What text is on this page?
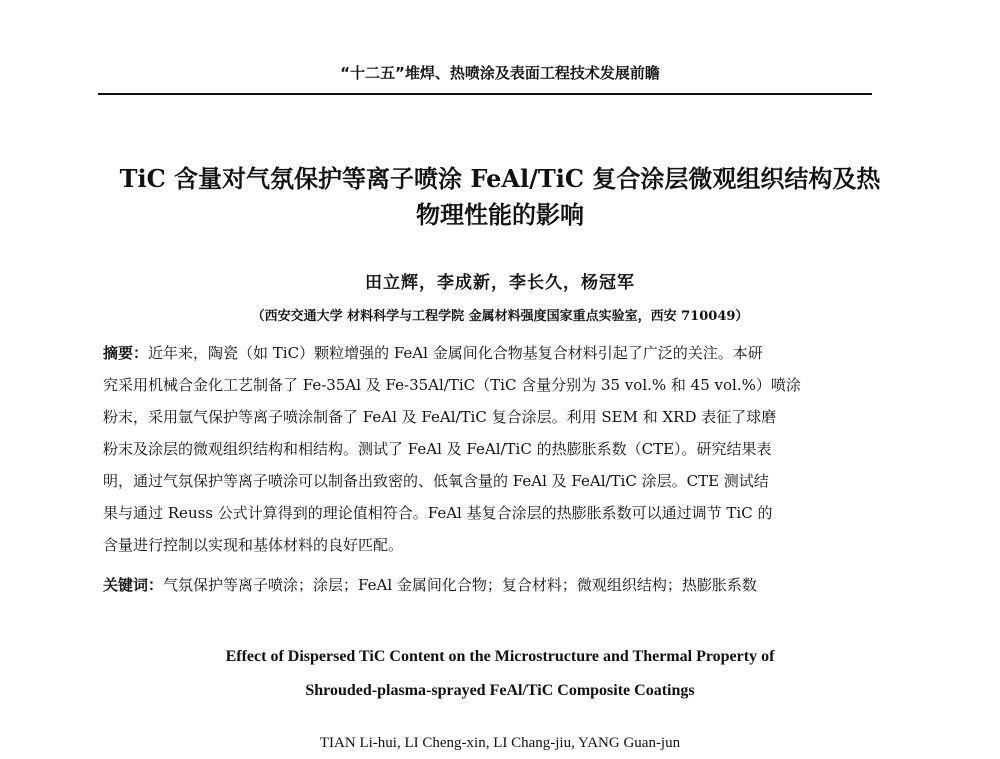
“十二五”堆焊、热喷涂及表面工程技术发展前瞻
TiC 含量对气氛保护等离子喷涂 FeAl/TiC 复合涂层微观组织结构及热
物理性能的影响
田立辉，李成新，李长久，杨冠军
（西安交通大学 材料科学与工程学院 金属材料强度国家重点实验室，西安 710049）
摘要：近年来，陶瓷（如 TiC）颗粒增强的 FeAl 金属间化合物基复合材料引起了广泛的关注。本研
究采用机械合金化工艺制备了 Fe-35Al 及 Fe-35Al/TiC（TiC 含量分别为 35 vol.% 和 45 vol.%）喷涂
粉末，采用氩气保护等离子喷涂制备了 FeAl 及 FeAl/TiC 复合涂层。利用 SEM 和 XRD 表征了球磨
粉末及涂层的微观组织结构和相结构。测试了 FeAl 及 FeAl/TiC 的热膨胀系数（CTE）。研究结果表
明，通过气氛保护等离子喷涂可以制备出致密的、低氧含量的 FeAl 及 FeAl/TiC 涂层。CTE 测试结
果与通过 Reuss 公式计算得到的理论值相符合。FeAl 基复合涂层的热膨胀系数可以通过调节 TiC 的
含量进行控制以实现和基体材料的良好匹配。
关键词：气氛保护等离子喷涂；涂层；FeAl 金属间化合物；复合材料；微观组织结构；热膨胀系数
Effect of Dispersed TiC Content on the Microstructure and Thermal Property of
Shrouded-plasma-sprayed FeAl/TiC Composite Coatings
TIAN Li-hui, LI Cheng-xin, LI Chang-jiu, YANG Guan-jun
